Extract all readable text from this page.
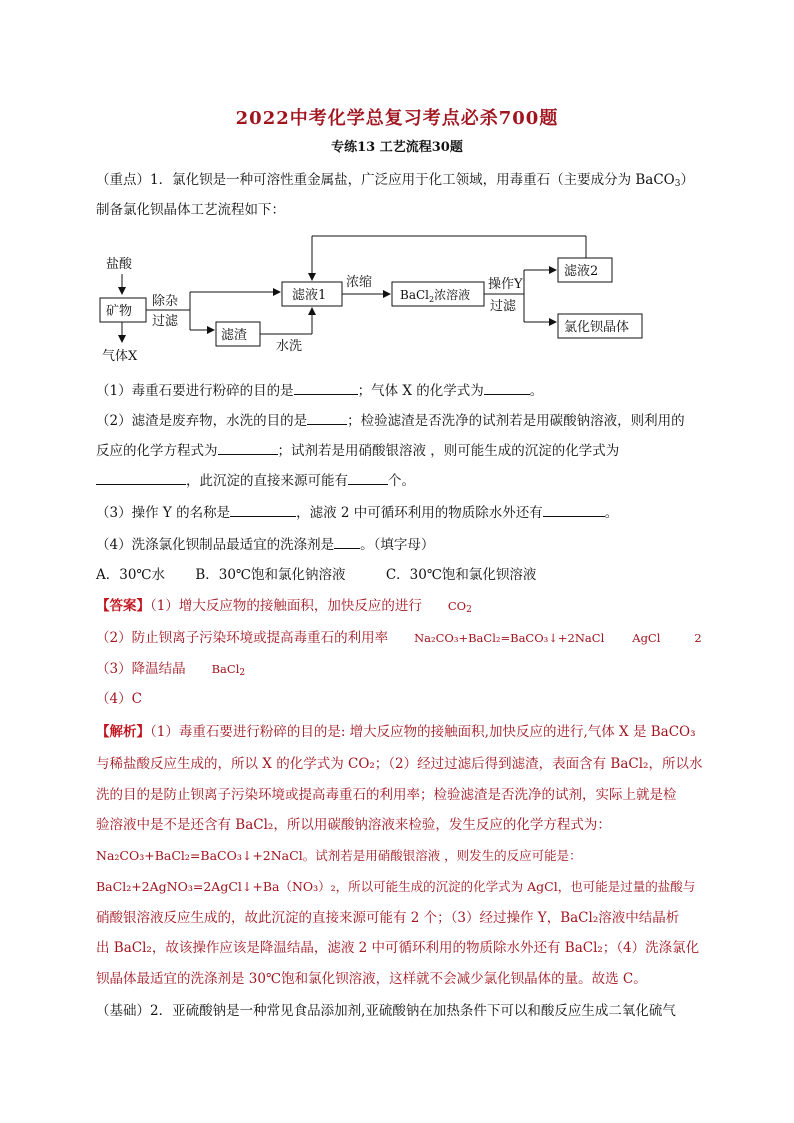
2022中考化学总复习考点必杀700题
专练13 工艺流程30题
（重点）1．氯化钡是一种可溶性重金属盐，广泛应用于化工领域，用毒重石（主要成分为 BaCO$_3$）
制备氯化钡晶体工艺流程如下：
盐酸
矿物
气体X
除杂
过滤
滤渣
水洗
滤液1
浓缩
BaCl$_2$浓溶液
操作Y
过滤
滤液2
氯化钡晶体
（1）毒重石要进行粉碎的目的是	；气体 X 的化学式为	。
（2）滤渣是废弃物，水洗的目的是	；检验滤渣是否洗净的试剂若是用碳酸钠溶液，则利用的
反应的化学方程式为	；试剂若是用硝酸银溶液 ，则可能生成的沉淀的化学式为
，此沉淀的直接来源可能有	个。
（3）操作 Y 的名称是	，滤液 2 中可循环利用的物质除水外还有	。
（4）洗涤氯化钡制品最适宜的洗涤剂是 。（填字母）
A．30℃水 B．30℃饱和氯化钠溶液	C．30℃饱和氯化钡溶液
【答案】（1）增大反应物的接触面积，加快反应的进行 $CO_2$
（2）防止钡离子污染环境或提高毒重石的利用率 Na₂CO₃+BaCl₂=BaCO₃↓+2NaCl AgCl	2
（3）降温结晶 BaCl$_2$
（4）C
【解析】（1）毒重石要进行粉碎的目的是: 增大反应物的接触面积,加快反应的进行,气体 X 是 BaCO₃
与稀盐酸反应生成的，所以 X 的化学式为 CO₂；（2）经过过滤后得到滤渣，表面含有 BaCl₂，所以水
洗的目的是防止钡离子污染环境或提高毒重石的利用率；检验滤渣是否洗净的试剂，实际上就是检
验溶液中是不是还含有 BaCl₂，所以用碳酸钠溶液来检验，发生反应的化学方程式为：
Na₂CO₃+BaCl₂=BaCO₃↓+2NaCl。试剂若是用硝酸银溶液 ，则发生的反应可能是：
BaCl₂+2AgNO₃=2AgCl↓+Ba（NO₃）₂，所以可能生成的沉淀的化学式为 AgCl，也可能是过量的盐酸与
硝酸银溶液反应生成的，故此沉淀的直接来源可能有 2 个；（3）经过操作 Y，BaCl₂溶液中结晶析
出 BaCl₂，故该操作应该是降温结晶，滤液 2 中可循环利用的物质除水外还有 BaCl₂；（4）洗涤氯化
钡晶体最适宜的洗涤剂是 30℃饱和氯化钡溶液，这样就不会减少氯化钡晶体的量。故选 C。
（基础）2．亚硫酸钠是一种常见食品添加剂,亚硫酸钠在加热条件下可以和酸反应生成二氧化硫气
